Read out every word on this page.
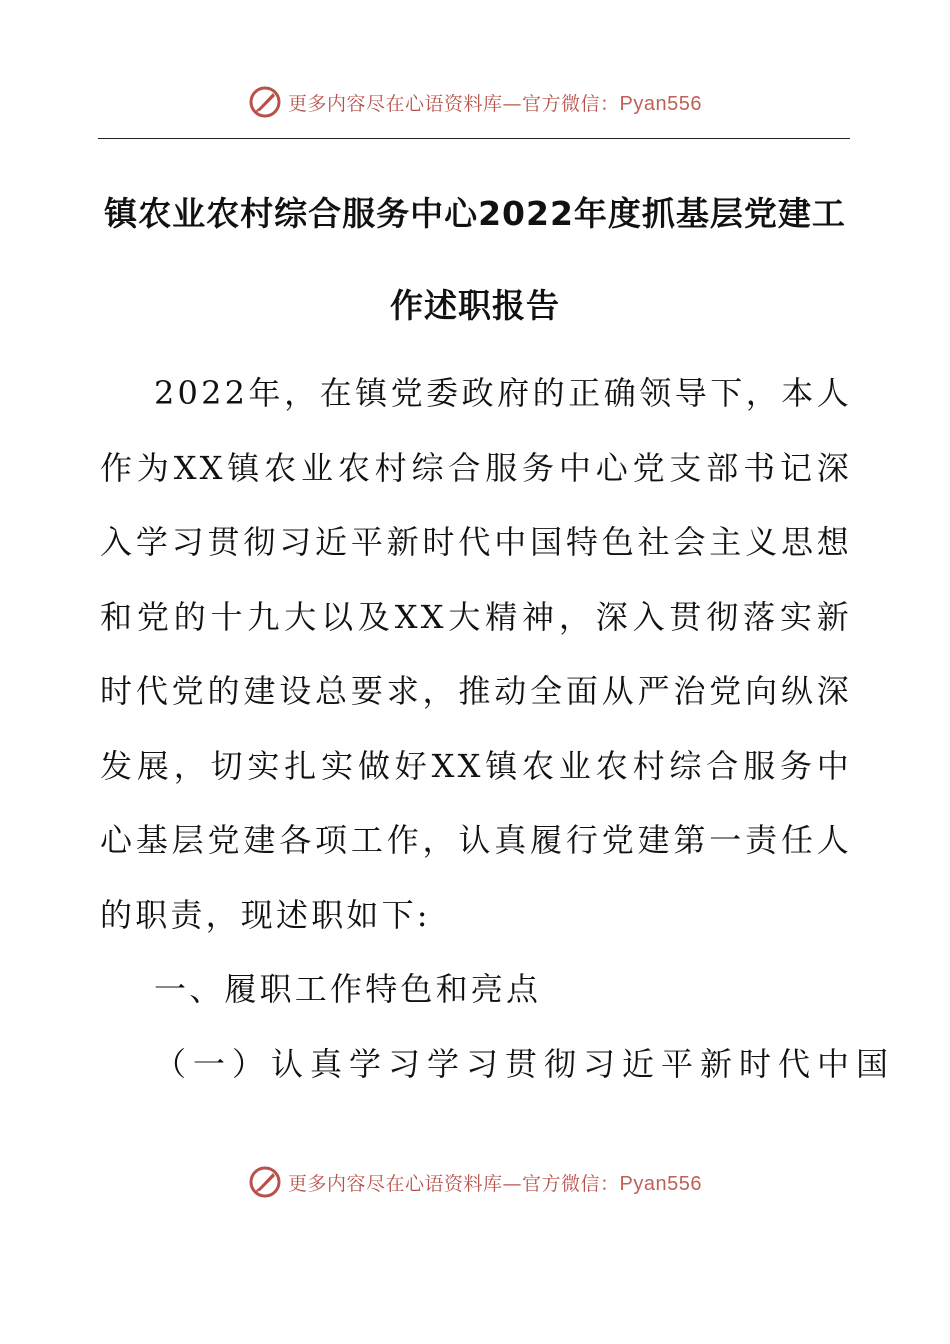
更多内容尽在心语资料库—官方微信：Pyan556
镇农业农村综合服务中心2022年度抓基层党建工作述职报告

2022年，在镇党委政府的正确领导下，本人作为XX镇农业农村综合服务中心党支部书记深入学习贯彻习近平新时代中国特色社会主义思想和党的十九大以及XX大精神，深入贯彻落实新时代党的建设总要求，推动全面从严治党向纵深发展，切实扎实做好XX镇农业农村综合服务中心基层党建各项工作，认真履行党建第一责任人的职责，现述职如下:

一、履职工作特色和亮点

（一）认真学习学习贯彻习近平新时代中国

更多内容尽在心语资料库—官方微信：Pyan556
